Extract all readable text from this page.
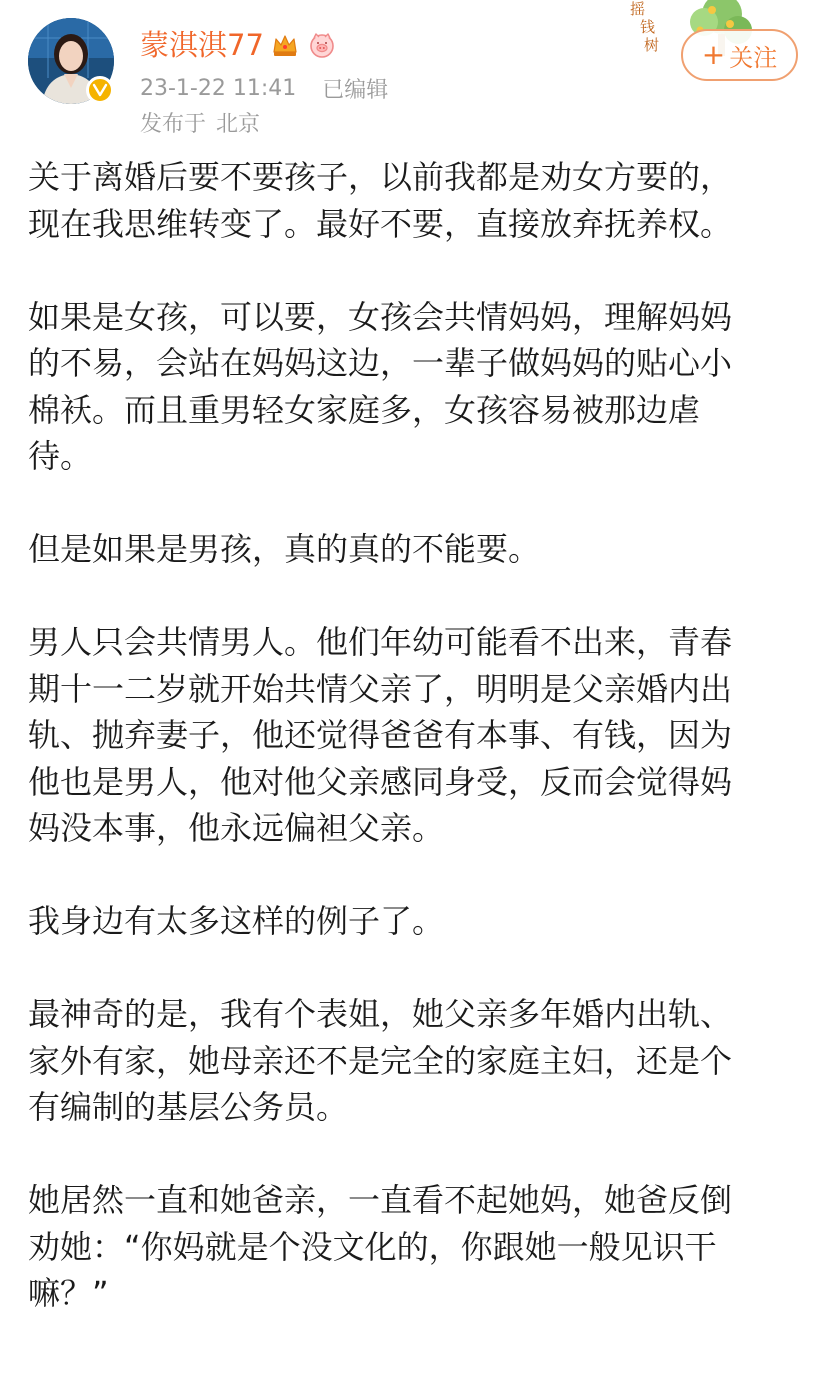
蒙淇淇77
23-1-22 11:41 已编辑
发布于 北京
摇
钱
树 + 关注

关于离婚后要不要孩子，以前我都是劝女方要的，
现在我思维转变了。最好不要，直接放弃抚养权。

如果是女孩，可以要，女孩会共情妈妈，理解妈妈
的不易，会站在妈妈这边，一辈子做妈妈的贴心小
棉袄。而且重男轻女家庭多，女孩容易被那边虐
待。

但是如果是男孩，真的真的不能要。

男人只会共情男人。他们年幼可能看不出来，青春
期十一二岁就开始共情父亲了，明明是父亲婚内出
轨、抛弃妻子，他还觉得爸爸有本事、有钱，因为
他也是男人，他对他父亲感同身受，反而会觉得妈
妈没本事，他永远偏袒父亲。

我身边有太多这样的例子了。

最神奇的是，我有个表姐，她父亲多年婚内出轨、
家外有家，她母亲还不是完全的家庭主妇，还是个
有编制的基层公务员。

她居然一直和她爸亲，一直看不起她妈，她爸反倒
劝她：“你妈就是个没文化的，你跟她一般见识干
嘛？”
